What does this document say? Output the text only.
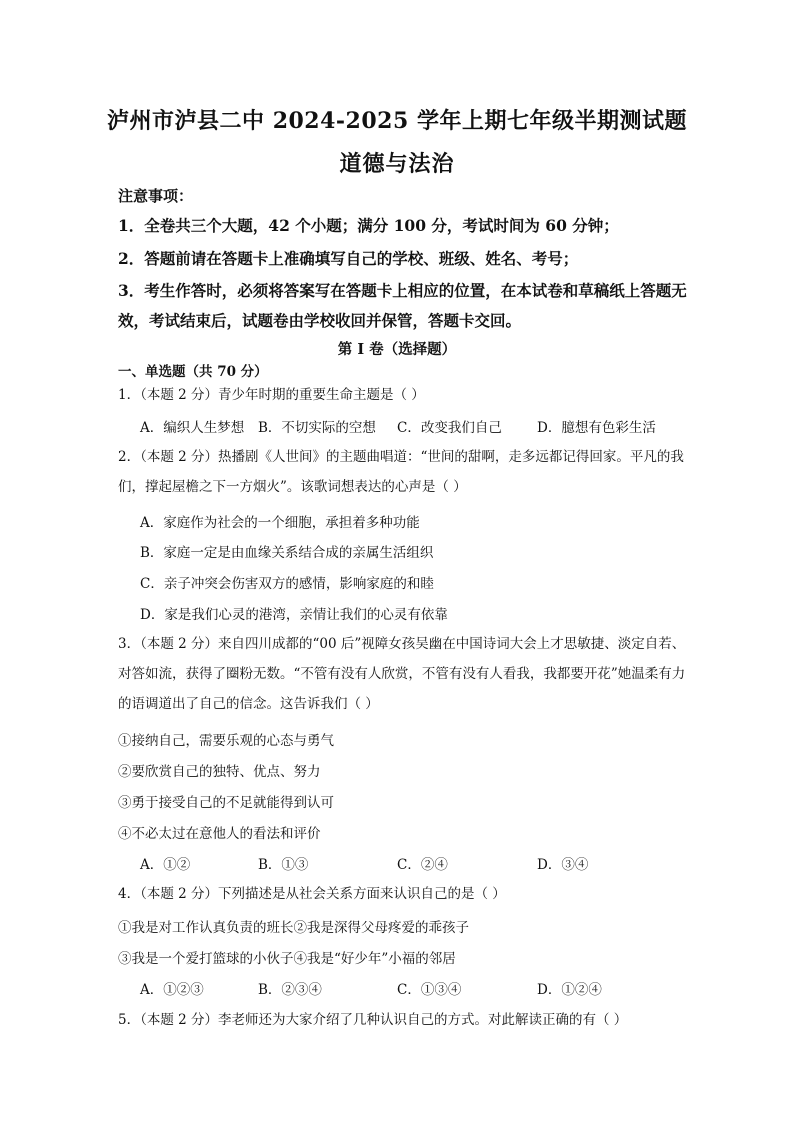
泸州市泸县二中 2024-2025 学年上期七年级半期测试题
道德与法治
注意事项：
1．全卷共三个大题，42 个小题；满分 100 分，考试时间为 60 分钟；
2．答题前请在答题卡上准确填写自己的学校、班级、姓名、考号；
3．考生作答时，必须将答案写在答题卡上相应的位置，在本试卷和草稿纸上答题无效，考试结束后，试题卷由学校收回并保管，答题卡交回。
第 I 卷（选择题）
一、单选题（共 70 分）
1．（本题 2 分）青少年时期的重要生命主题是（ ）
A．编织人生梦想 B．不切实际的空想 C．改变我们自己	D．臆想有色彩生活
2．（本题 2 分）热播剧《人世间》的主题曲唱道：“世间的甜啊，走多远都记得回家。平凡的我们，撑起屋檐之下一方烟火”。该歌词想表达的心声是（ ）
A．家庭作为社会的一个细胞，承担着多种功能
B．家庭一定是由血缘关系结合成的亲属生活组织
C．亲子冲突会伤害双方的感情，影响家庭的和睦
D．家是我们心灵的港湾，亲情让我们的心灵有依靠
3．（本题 2 分）来自四川成都的“00 后”视障女孩吴幽在中国诗词大会上才思敏捷、淡定自若、对答如流，获得了圈粉无数。“不管有没有人欣赏，不管有没有人看我，我都要开花”她温柔有力的语调道出了自己的信念。这告诉我们（ ）
①接纳自己，需要乐观的心态与勇气
②要欣赏自己的独特、优点、努力
③勇于接受自己的不足就能得到认可
④不必太过在意他人的看法和评价
A．①②	B．①③	C．②④	D．③④
4．（本题 2 分）下列描述是从社会关系方面来认识自己的是（ ）
①我是对工作认真负责的班长②我是深得父母疼爱的乖孩子
③我是一个爱打篮球的小伙子④我是“好少年”小福的邻居
A．①②③	B．②③④	C．①③④	D．①②④
5．（本题 2 分）李老师还为大家介绍了几种认识自己的方式。对此解读正确的有（ ）
